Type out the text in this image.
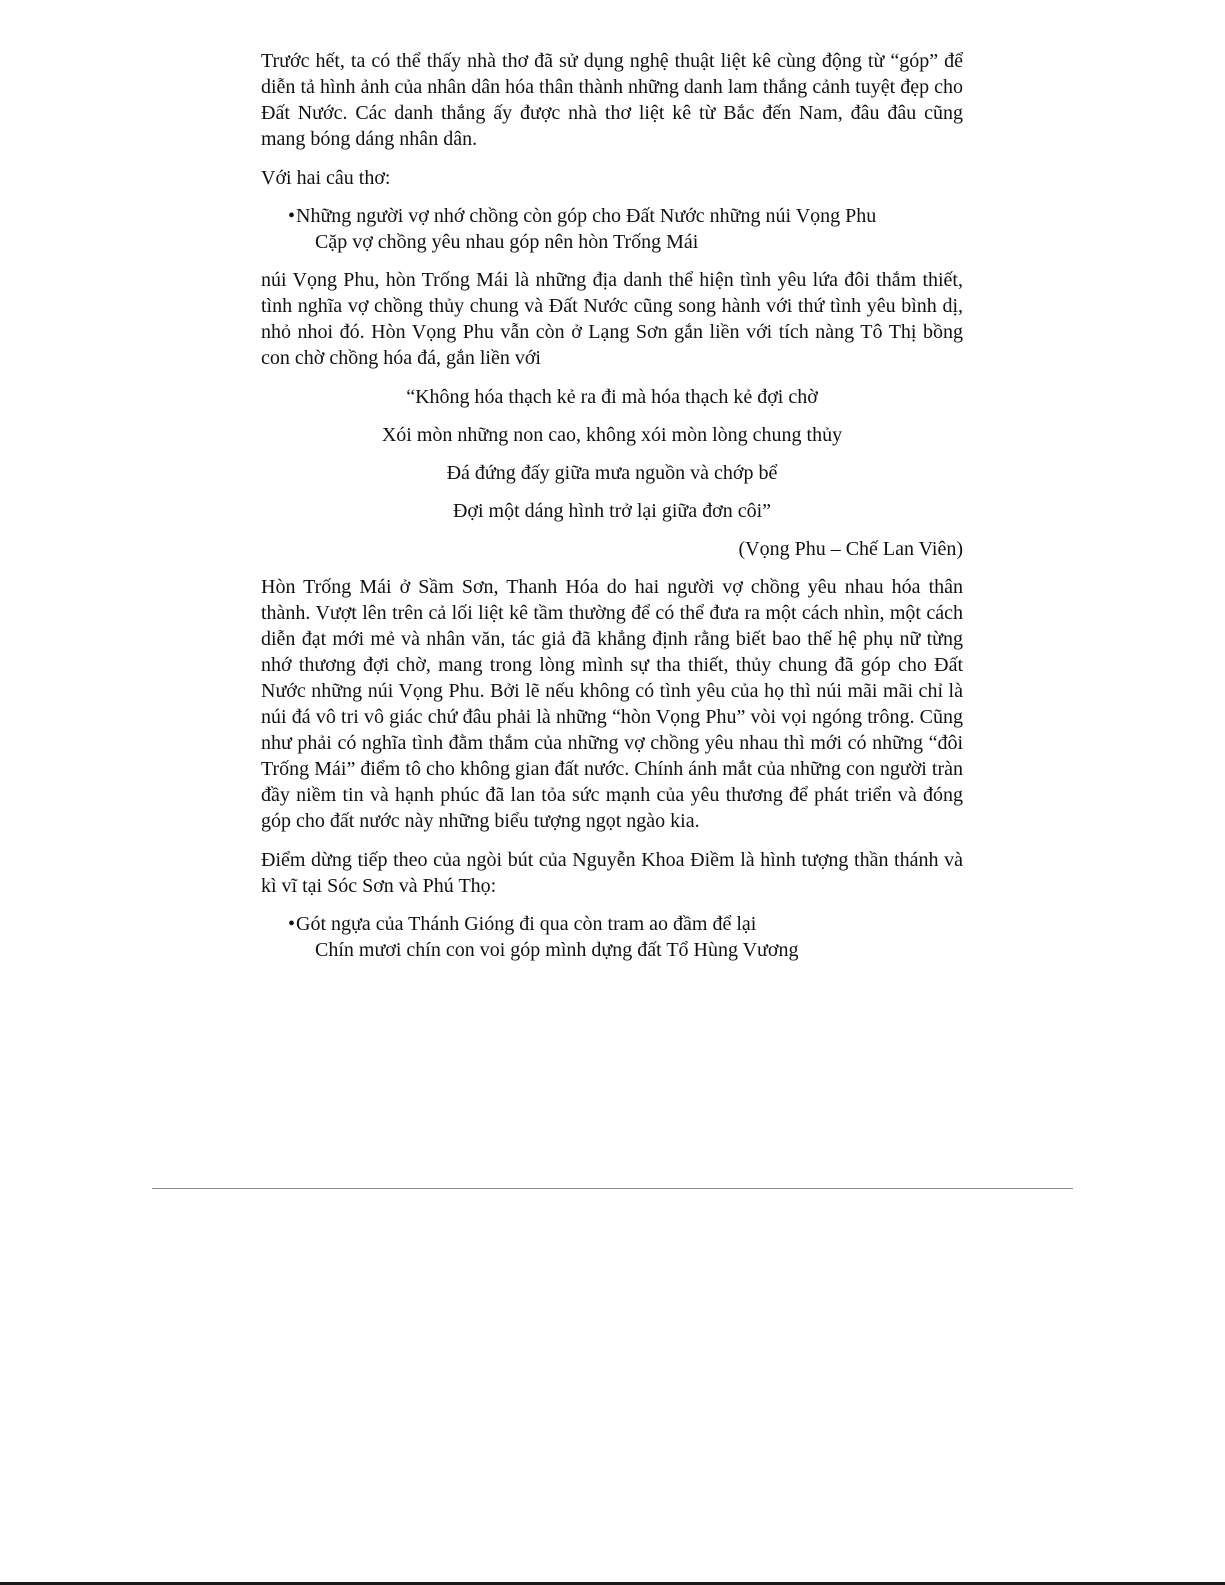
Trước hết, ta có thể thấy nhà thơ đã sử dụng nghệ thuật liệt kê cùng động từ “góp” để diễn tả hình ảnh của nhân dân hóa thân thành những danh lam thắng cảnh tuyệt đẹp cho Đất Nước. Các danh thắng ấy được nhà thơ liệt kê từ Bắc đến Nam, đâu đâu cũng mang bóng dáng nhân dân.

Với hai câu thơ:

•Những người vợ nhớ chồng còn góp cho Đất Nước những núi Vọng Phu
Cặp vợ chồng yêu nhau góp nên hòn Trống Mái

núi Vọng Phu, hòn Trống Mái là những địa danh thể hiện tình yêu lứa đôi thắm thiết, tình nghĩa vợ chồng thủy chung và Đất Nước cũng song hành với thứ tình yêu bình dị, nhỏ nhoi đó. Hòn Vọng Phu vẫn còn ở Lạng Sơn gắn liền với tích nàng Tô Thị bồng con chờ chồng hóa đá, gắn liền với

“Không hóa thạch kẻ ra đi mà hóa thạch kẻ đợi chờ
Xói mòn những non cao, không xói mòn lòng chung thủy
Đá đứng đấy giữa mưa nguồn và chớp bể
Đợi một dáng hình trở lại giữa đơn côi”
(Vọng Phu – Chế Lan Viên)

Hòn Trống Mái ở Sầm Sơn, Thanh Hóa do hai người vợ chồng yêu nhau hóa thân thành. Vượt lên trên cả lối liệt kê tầm thường để có thể đưa ra một cách nhìn, một cách diễn đạt mới mẻ và nhân văn, tác giả đã khẳng định rằng biết bao thế hệ phụ nữ từng nhớ thương đợi chờ, mang trong lòng mình sự tha thiết, thủy chung đã góp cho Đất Nước những núi Vọng Phu. Bởi lẽ nếu không có tình yêu của họ thì núi mãi mãi chỉ là núi đá vô tri vô giác chứ đâu phải là những “hòn Vọng Phu” vòi vọi ngóng trông. Cũng như phải có nghĩa tình đằm thắm của những vợ chồng yêu nhau thì mới có những “đôi Trống Mái” điểm tô cho không gian đất nước. Chính ánh mắt của những con người tràn đầy niềm tin và hạnh phúc đã lan tỏa sức mạnh của yêu thương để phát triển và đóng góp cho đất nước này những biểu tượng ngọt ngào kia.

Điểm dừng tiếp theo của ngòi bút của Nguyễn Khoa Điềm là hình tượng thần thánh và kì vĩ tại Sóc Sơn và Phú Thọ:

•Gót ngựa của Thánh Gióng đi qua còn tram ao đầm để lại
Chín mươi chín con voi góp mình dựng đất Tổ Hùng Vương
